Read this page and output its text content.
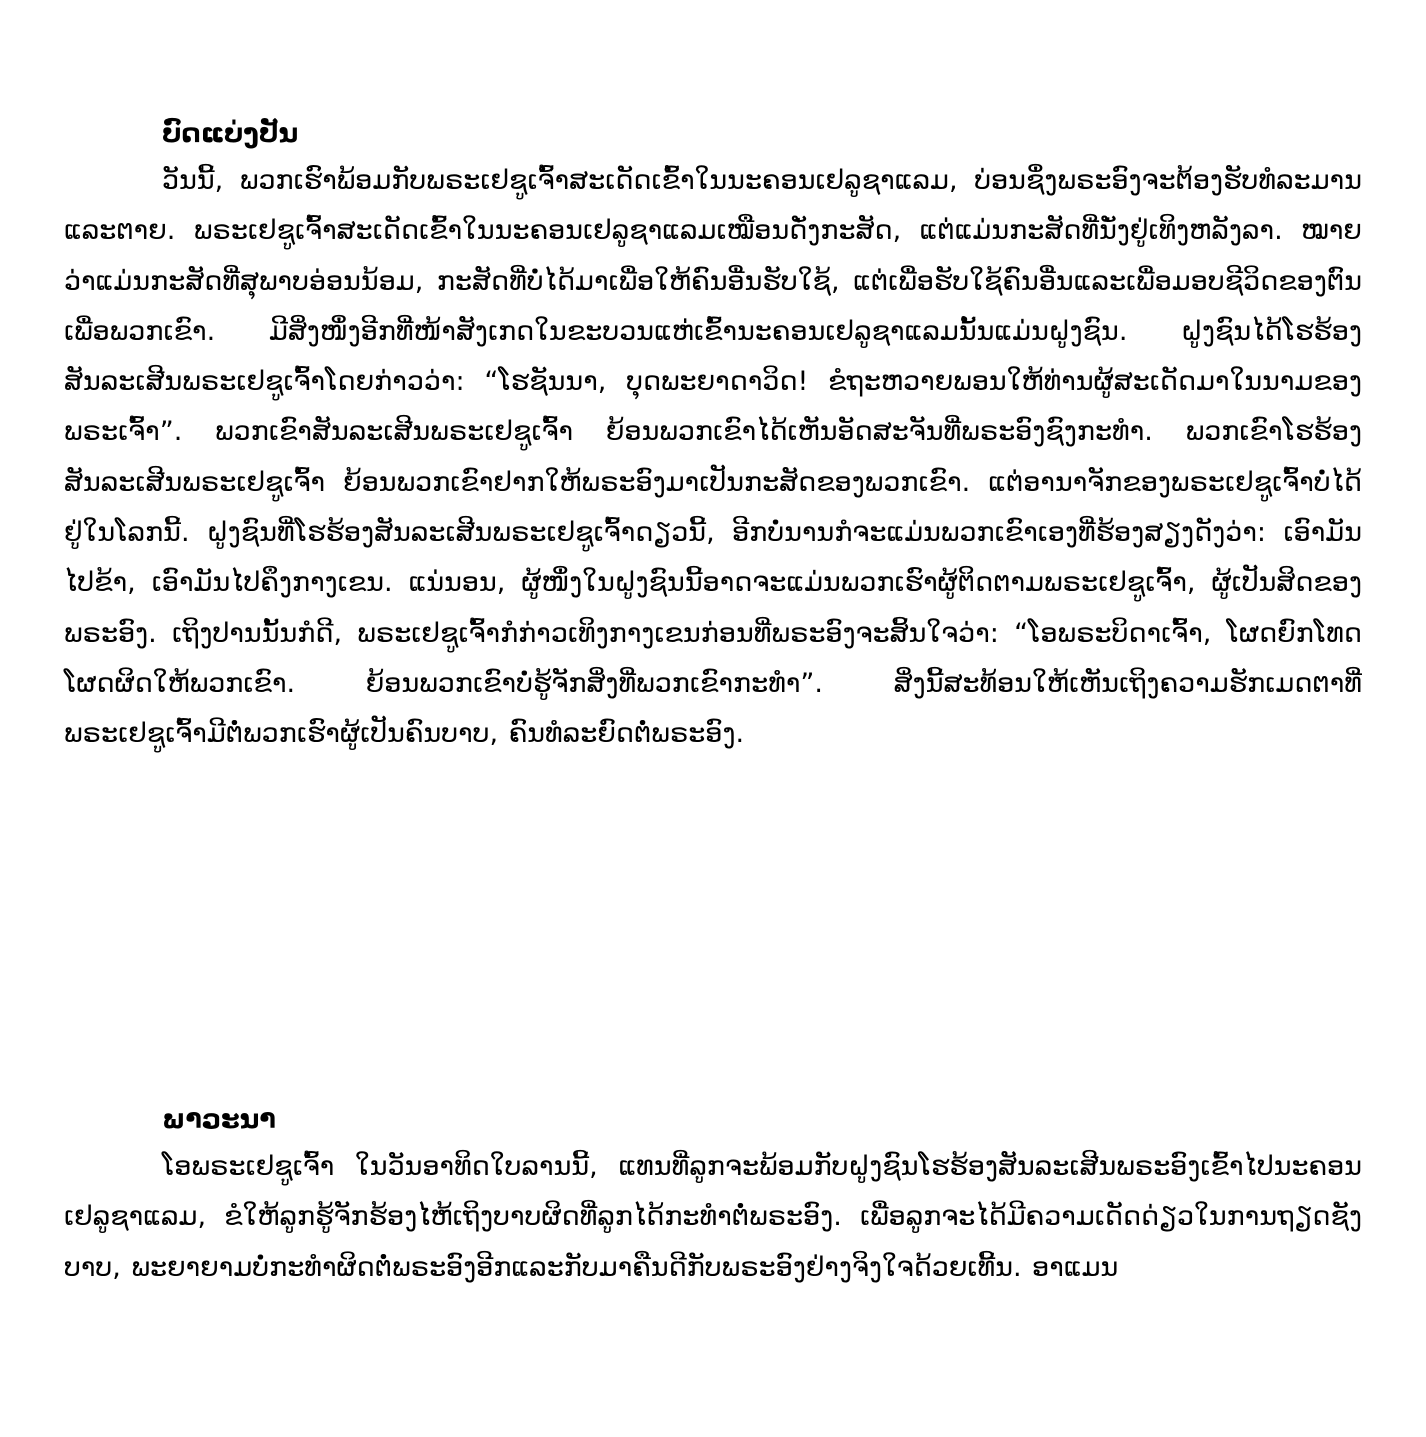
ບົດແບ່ງປັນ

ວັນນີ້, ພວກເຮົາພ້ອມກັບພຣະເຢຊູເຈົ້າສະເດັດເຂົ້າໃນນະຄອນເຢລູຊາແລມ, ບ່ອນຊຶ່ງພຣະອົງຈະຕ້ອງຮັບທໍລະມານແລະຕາຍ. ພຣະເຢຊູເຈົ້າສະເດັດເຂົ້າໃນນະຄອນເຢລູຊາແລມເໝືອນດັ່ງກະສັດ, ແຕ່ແມ່ນກະສັດທີ່ນັ່ງຢູ່ເທິງຫລັງລາ. ໝາຍວ່າແມ່ນກະສັດທີ່ສຸພາບອ່ອນນ້ອມ, ກະສັດທີ່ບໍ່ໄດ້ມາເພື່ອໃຫ້ຄົນອື່ນຮັບໃຊ້, ແຕ່ເພື່ອຮັບໃຊ້ຄົນອື່ນແລະເພື່ອມອບຊີວິດຂອງຕົນເພື່ອພວກເຂົາ. ມີສິ່ງໜຶ່ງອີກທີ່ໜ້າສັງເກດໃນຂະບວນແຫ່ເຂົ້ານະຄອນເຢລູຊາແລມນັ້ນແມ່ນຝູງຊົນ. ຝູງຊົນໄດ້ໂຮຮ້ອງສັນລະເສີນພຣະເຢຊູເຈົ້າໂດຍກ່າວວ່າ: “ໂຮຊັນນາ, ບຸດພະຍາດາວິດ! ຂໍຖະຫວາຍພອນໃຫ້ທ່ານຜູ້ສະເດັດມາໃນນາມຂອງພຣະເຈົ້າ”. ພວກເຂົາສັນລະເສີນພຣະເຢຊູເຈົ້າ ຍ້ອນພວກເຂົາໄດ້ເຫັນອັດສະຈັນທີ່ພຣະອົງຊົງກະທໍາ. ພວກເຂົາໂຮຮ້ອງສັນລະເສີນພຣະເຢຊູເຈົ້າ ຍ້ອນພວກເຂົາຢາກໃຫ້ພຣະອົງມາເປັນກະສັດຂອງພວກເຂົາ. ແຕ່ອານາຈັກຂອງພຣະເຢຊູເຈົ້າບໍ່ໄດ້ຢູ່ໃນໂລກນີ້. ຝູງຊົນທີ່ໂຮຮ້ອງສັນລະເສີນພຣະເຢຊູເຈົ້າດຽວນີ້, ອີກບໍ່ນານກໍຈະແມ່ນພວກເຂົາເອງທີ່ຮ້ອງສຽງດັງວ່າ: ເອົາມັນໄປຂ້າ, ເອົາມັນໄປຄຶງກາງເຂນ. ແນ່ນອນ, ຜູ້ໜຶ່ງໃນຝູງຊົນນີ້ອາດຈະແມ່ນພວກເຮົາຜູ້ຕິດຕາມພຣະເຢຊູເຈົ້າ, ຜູ້ເປັນສິດຂອງພຣະອົງ. ເຖິງປານນັ້ນກໍດີ, ພຣະເຢຊູເຈົ້າກໍກ່າວເທິງກາງເຂນກ່ອນທີ່ພຣະອົງຈະສິ້ນໃຈວ່າ: “ໂອພຣະບິດາເຈົ້າ, ໂຜດຍົກໂທດໂຜດຜິດໃຫ້ພວກເຂົາ. ຍ້ອນພວກເຂົາບໍ່ຮູ້ຈັກສິ່ງທີ່ພວກເຂົາກະທໍາ”. ສິ່ງນີ້ສະທ້ອນໃຫ້ເຫັນເຖິງຄວາມຮັກເມດຕາທີ່ພຣະເຢຊູເຈົ້າມີຕໍ່ພວກເຮົາຜູ້ເປັນຄົນບາບ, ຄົນທໍລະຍົດຕໍ່ພຣະອົງ.

ພາວະນາ

ໂອພຣະເຢຊູເຈົ້າ ໃນວັນອາທິດໃບລານນີ້, ແທນທີ່ລູກຈະພ້ອມກັບຝູງຊົນໂຮຮ້ອງສັນລະເສີນພຣະອົງເຂົ້າໄປນະຄອນເຢລູຊາແລມ, ຂໍໃຫ້ລູກຮູ້ຈັກຮ້ອງໄຫ້ເຖິງບາບຜິດທີ່ລູກໄດ້ກະທໍາຕໍ່ພຣະອົງ. ເພື່ອລູກຈະໄດ້ມີຄວາມເດັດດ່ຽວໃນການຖຽດຊັງບາບ, ພະຍາຍາມບໍ່ກະທໍາຜິດຕໍ່ພຣະອົງອີກແລະກັບມາຄືນດີກັບພຣະອົງຢ່າງຈິງໃຈດ້ວຍເທີ້ນ. ອາແມນ
